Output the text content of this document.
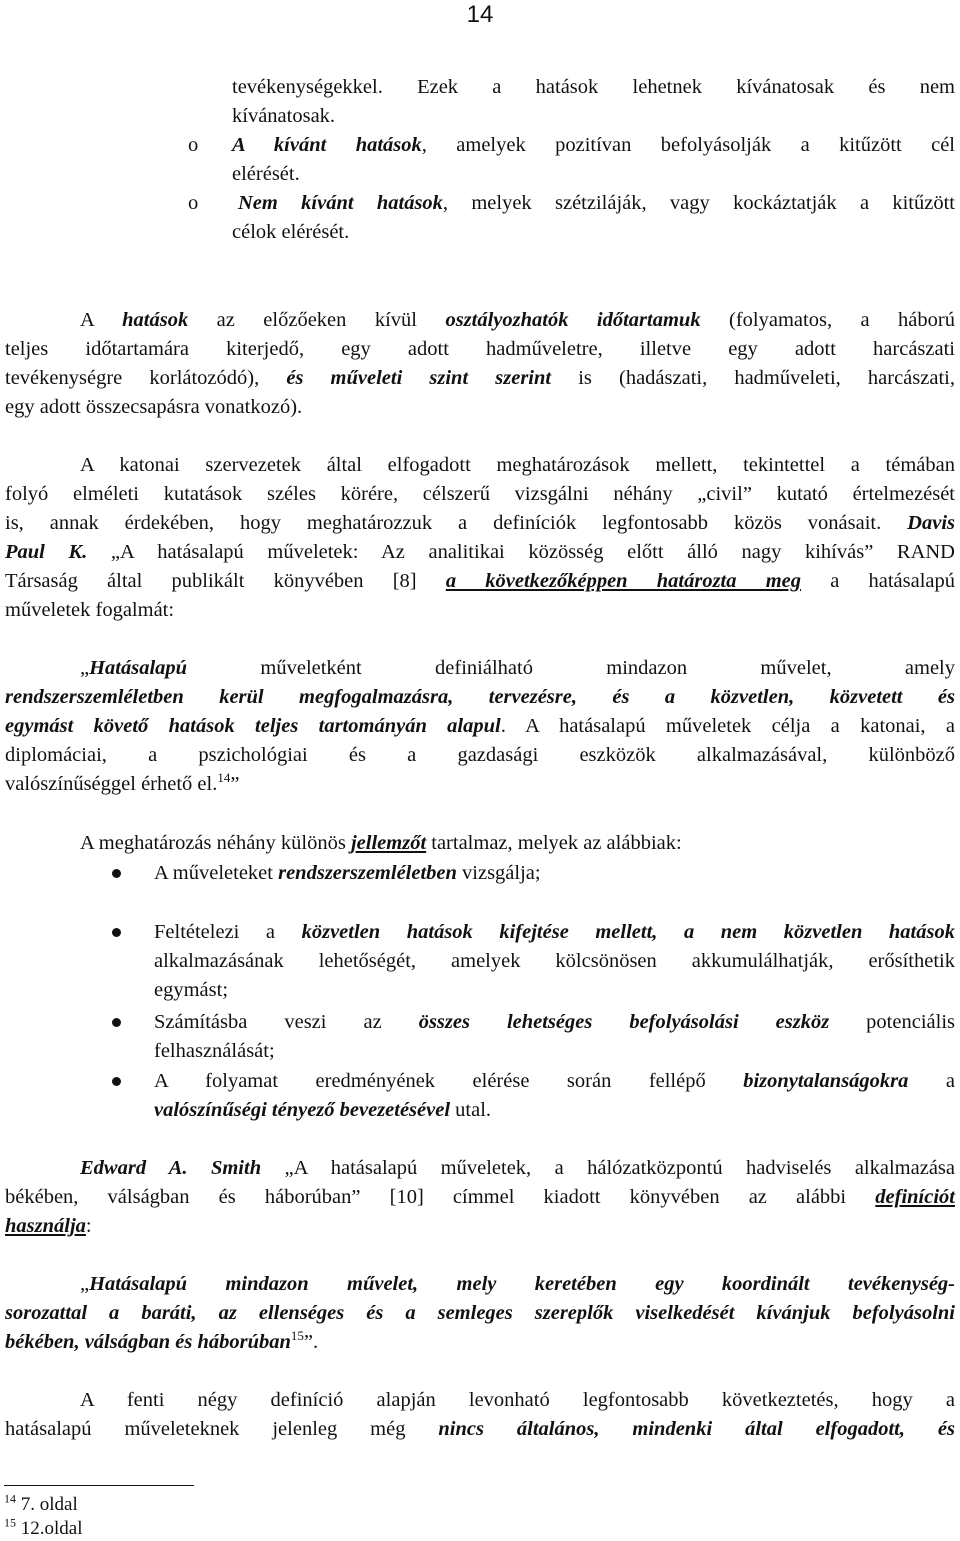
14
tevékenységekkel. Ezek a hatások lehetnek kívánatosak és nem
kívánatosak.
o A kívánt hatások, amelyek pozitívan befolyásolják a kitűzött cél
elérését.
o Nem kívánt hatások, melyek szétziláják, vagy kockáztatják a kitűzött
célok elérését.
A hatások az előzőeken kívül osztályozhatók időtartamuk (folyamatos, a háború
teljes időtartamára kiterjedő, egy adott hadműveletre, illetve egy adott harcászati
tevékenységre korlátozódó), és műveleti szint szerint is (hadászati, hadműveleti, harcászati,
egy adott összecsapásra vonatkozó).
A katonai szervezetek által elfogadott meghatározások mellett, tekintettel a témában
folyó elméleti kutatások széles körére, célszerű vizsgálni néhány „civil” kutató értelmezését
is, annak érdekében, hogy meghatározzuk a definíciók legfontosabb közös vonásait. Davis
Paul K. „A hatásalapú műveletek: Az analitikai közösség előtt álló nagy kihívás” RAND
Társaság által publikált könyvében [8] a következőképpen határozta meg a hatásalapú
műveletek fogalmát:
„Hatásalapú műveletként definiálható mindazon művelet, amely
rendszerszemléletben kerül megfogalmazásra, tervezésre, és a közvetlen, közvetett és
egymást követő hatások teljes tartományán alapul. A hatásalapú műveletek célja a katonai, a
diplomáciai, a pszichológiai és a gazdasági eszközök alkalmazásával, különböző
valószínűséggel érhető el.$^{14}$”
A meghatározás néhány különös jellemzőt tartalmaz, melyek az alábbiak:
A műveleteket rendszerszemléletben vizsgálja;
Feltételezi a közvetlen hatások kifejtése mellett, a nem közvetlen hatások
alkalmazásának lehetőségét, amelyek kölcsönösen akkumulálhatják, erősíthetik
egymást;
Számításba veszi az összes lehetséges befolyásolási eszköz potenciális
felhasználását;
A folyamat eredményének elérése során fellépő bizonytalanságokra a
valószínűségi tényező bevezetésével utal.
Edward A. Smith „A hatásalapú műveletek, a hálózatközpontú hadviselés alkalmazása
békében, válságban és háborúban” [10] címmel kiadott könyvében az alábbi definíciót
használja:
„Hatásalapú mindazon művelet, mely keretében egy koordinált tevékenység-
sorozattal a baráti, az ellenséges és a semleges szereplők viselkedését kívánjuk befolyásolni
békében, válságban és háborúban$^{15}$”.
A fenti négy definíció alapján levonható legfontosabb következtetés, hogy a
hatásalapú műveleteknek jelenleg még nincs általános, mindenki által elfogadott, és
$^{14}$ 7. oldal
$^{15}$ 12.oldal
